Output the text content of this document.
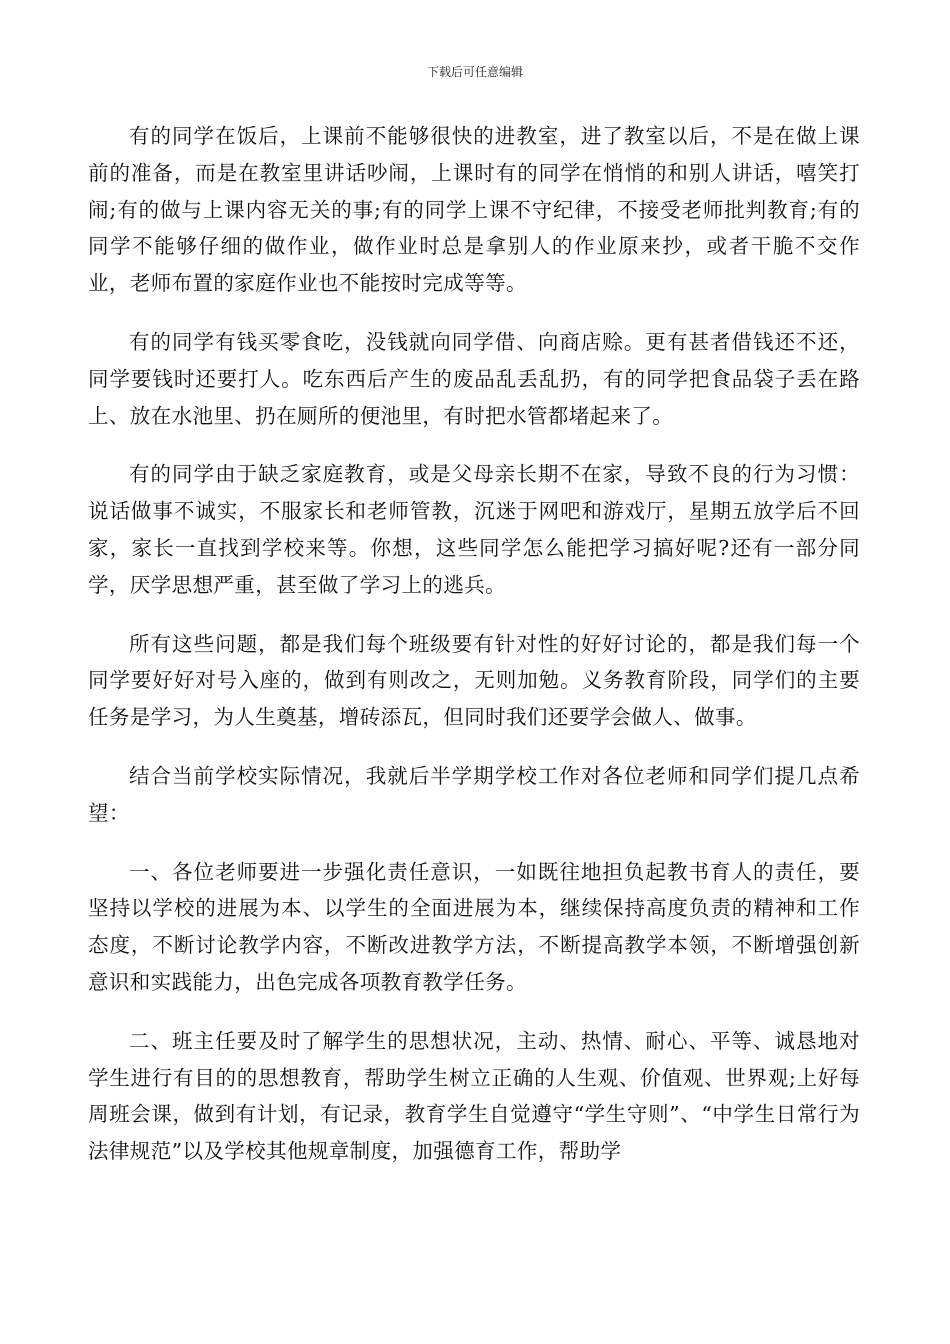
下载后可任意编辑

有的同学在饭后，上课前不能够很快的进教室，进了教室以后，不是在做上课前的准备，而是在教室里讲话吵闹，上课时有的同学在悄悄的和别人讲话，嘻笑打闹;有的做与上课内容无关的事;有的同学上课不守纪律，不接受老师批判教育;有的同学不能够仔细的做作业，做作业时总是拿别人的作业原来抄，或者干脆不交作业，老师布置的家庭作业也不能按时完成等等。

有的同学有钱买零食吃，没钱就向同学借、向商店赊。更有甚者借钱还不还，同学要钱时还要打人。吃东西后产生的废品乱丢乱扔，有的同学把食品袋子丢在路上、放在水池里、扔在厕所的便池里，有时把水管都堵起来了。

有的同学由于缺乏家庭教育，或是父母亲长期不在家，导致不良的行为习惯：说话做事不诚实，不服家长和老师管教，沉迷于网吧和游戏厅，星期五放学后不回家，家长一直找到学校来等。你想，这些同学怎么能把学习搞好呢?还有一部分同学，厌学思想严重，甚至做了学习上的逃兵。

所有这些问题，都是我们每个班级要有针对性的好好讨论的，都是我们每一个同学要好好对号入座的，做到有则改之，无则加勉。义务教育阶段，同学们的主要任务是学习，为人生奠基，增砖添瓦，但同时我们还要学会做人、做事。

结合当前学校实际情况，我就后半学期学校工作对各位老师和同学们提几点希望：

一、各位老师要进一步强化责任意识，一如既往地担负起教书育人的责任，要坚持以学校的进展为本、以学生的全面进展为本，继续保持高度负责的精神和工作态度，不断讨论教学内容，不断改进教学方法，不断提高教学本领，不断增强创新意识和实践能力，出色完成各项教育教学任务。

二、班主任要及时了解学生的思想状况，主动、热情、耐心、平等、诚恳地对学生进行有目的的思想教育，帮助学生树立正确的人生观、价值观、世界观;上好每周班会课，做到有计划，有记录，教育学生自觉遵守“学生守则”、“中学生日常行为法律规范”以及学校其他规章制度，加强德育工作，帮助学
